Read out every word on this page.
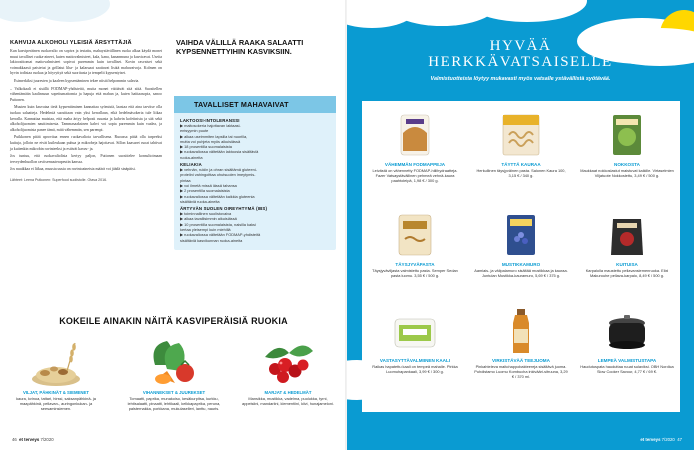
KAHVIJA ALKOHOLI YLEISIÄ ÄRSYTTÄJIÄ

Kun kasviperäinen ruokavalio on sopiva ja testattu, mahaystävällinen ruoka alkaa käydä monet muut tavalliset ruoka-aineet, kuten maitovalmisteet, kala, kana, kananmuna ja kasviravat. Useita laktoosittomat maitovalmisteet sopivat paremmin kuin tavalliset. Kovin rasvaiset sekä voimakkaasti paistetut ja grillatut liha- ja kalaruaat saattavat lisätä mahavaivoja. Kolmen on hyvin todistaa ruokaa ja höyryttyä sekä suoritusta ja tempelit kypsentyiset.

Esimerkiksi juuresten ja kaaleen kypsentäminen tekee niistä helpommin sulavia.

– Valkokaali ei sisällä FODMAP-yhdisteitä, mutta monet väittävät sitä siitä. Suositellen vähentämään kaalinsuun sopeitumattomia ja hapuja että mahan ja, kuten haittaasopia, sanoo Puttonen.

Muuten kuin kasvataa tietä kypsentäminen kannattaa syömistä, laastaa että aina tarvitse olla tuokua salaatteja. Hedelmiä suosittaan vain yksi kerrallaan, eikä hedelmäsokeria tule liikaa kerralla. Kannattaa muistaa, että maha ärtyy helposti ruuasta ja kahvin kofeiinista ja sää sekä alkoholijuomien nauttimisesta. Tammasaaksinen kahvi voi sopia paremmin kuin vaalea, ja alkoholijuomista panee tämä, mitä vähemmän, sen parempi.

Puikkonen pitää aprovitaa ennen ruokavaliota tarvallisena. Ruoassa pitää olla tarpeeksi kuituja, jolloin ne eivät kuileukaan puhua ja mikrobeja hajottavat. Sillon kaasuret ruoat tahtivat ja kuitenkin mikrobin ravinteeksi ja estävät kasvu- ja.

Jos tuntuu, että ruokavaliolista kertyy paljon, Puttonen suosittelee konsultoimaan terveydenhuollon ravitsemusterapeutin kanssa.

Jos nuaikkaa ei liikaa, muusta uusia on ravintoaineista määrä voi jäädä sinäpäisi.

Lähteet: Leena Putkonen: Superfood suolistolle. Otava 2016.
VAIHDA VÄLILLÄ RAAKA SALAATTI KYPSENNETTYIHIN KASVIKSIIN.
TAVALLISET MAHAVAIVAT
LAKTOOSI-INTOLERANSSI
▶ maitosokeria hajottavan laktaasi-
entsyymin puute
▶ alkaa useimmiten lapsilla tai nuorilla,
mutta voi puhjeta myös aikuisiässä
▶ 18 prosentilla suomalaisista
▶ ruokavaliossa vältetään laktoosia sisältäviä
ruoka-aineita
KELIAKIA
▶ vehnän, rukiin ja ohran sisältämä gluteeni-
proteiini vahingoittaa ohutsuolen imeytymis-
pintaa
▶ voi ilmetä missä iässä tahansa
▶ 2 prosentilla suomalaisista
▶ ruokavaliossa vältetään kaikkia gluteenia
sisältäviä ruoka-aineita
ÄRTYVÄN SUOLEN OIREYHTYMÄ (IBS)
▶ toiminnallinen suolistovaiva
▶ alkaa tavallisimmin aikuisiässä
▶ 10 prosentilla suomalaisista, naisilla kaksi
kertaa yleisempi kuin miehillä
▶ ruokavaliossa vältetään FODMAP-yhdisteitä
sisältäviä kasvikunnan ruoka-aineita
KOKEILE AINAKIN NÄITÄ KASVIPERÄISIÄ RUOKIA
VILJAT, PÄHKINÄT & SIEMENET
kaura, kvinoa, tattari, hirssi, saksanpähkinä- ja maapähkinä, pellavan-, auringonkukan- ja seesaminsiemen.
VIHANNEKSET & JUUREKSET
Tomaatti, paprika, munakoiso, kesäkurpitsa, kurkku, lehtisalaatti, pinaatti, lehtikaali, kelkkapaprika, peruna, palsternakka, porkkana, mukulaselleri, lanttu, nauris.
MARJAT & HEDELMÄT
Mansikka, mustikka, vadelma, puolukka, tyrni, appelsiini, mandariini, klementiini, kiivi, hunajameloni.
46 et terveys 7/2020
HYVÄÄ
HERKKÄVATSAISELLE
Valmistuotteista löytyy mukavasti myös vatsalle ystävällistä syötävää.
VÄHEMMÄN FODMAPPEJA
Leivästä on vähennetty FODMAP-hiilihydraatteja. Fazer Vatsaystävällinen pehmeä vehnä-kaura paahtoleipä, 1,98 € / 300 g.
TÄYTTÄ KAURAA
Herkullinen täysjyväinen pasta. Salonen Kaura 100, 3,15 € / 340 g.
NOKKOSTA
Maukkaat nokkoslastut maistuvat kaikille. Virtaselmien Viljatuote Nokkoslettu, 3,49 € / 500 g.
TÄYSJYVÄPASTA
Täysjyväviljasta valmistettu pasta. Semper Sedan pasta luomu. 3,55 € / 500 g.
MUSTIKKAMURO
Aamiais- ja välipalamuro sisältää mustikkaa ja kauraa. Juntulan Mustikka-kauramuro, 5,69 € / 375 g.
KUITUISA
Karpalolla maustettu pellavansiemenruoka. Elixi Makurouhe pellava-karpalo, 8,49 € / 500 g.
VASTASYTTÄVALMIINEN KAALI
Raikas hapatettu kaali on tempeä mahalle. Pirkka Luomuhapankaali, 3,99 € / 300 g.
VIRKISTÄVÄÄ TEEJUOMA
Pinkahteleva maitohappobakteereja sisältävä juoma. Puhdistamo Luomu Kombucha inkivääri-sitruuna, 3,29 € / 370 ml.
LEMPEÄ VALMISTUSTAPA
Haudutuspata hauduttaa ruuat sulaviksi. OBH Nordica Slow Cooker Savour, 4,77 € / 69 €.
et terveys 7/2020 47
